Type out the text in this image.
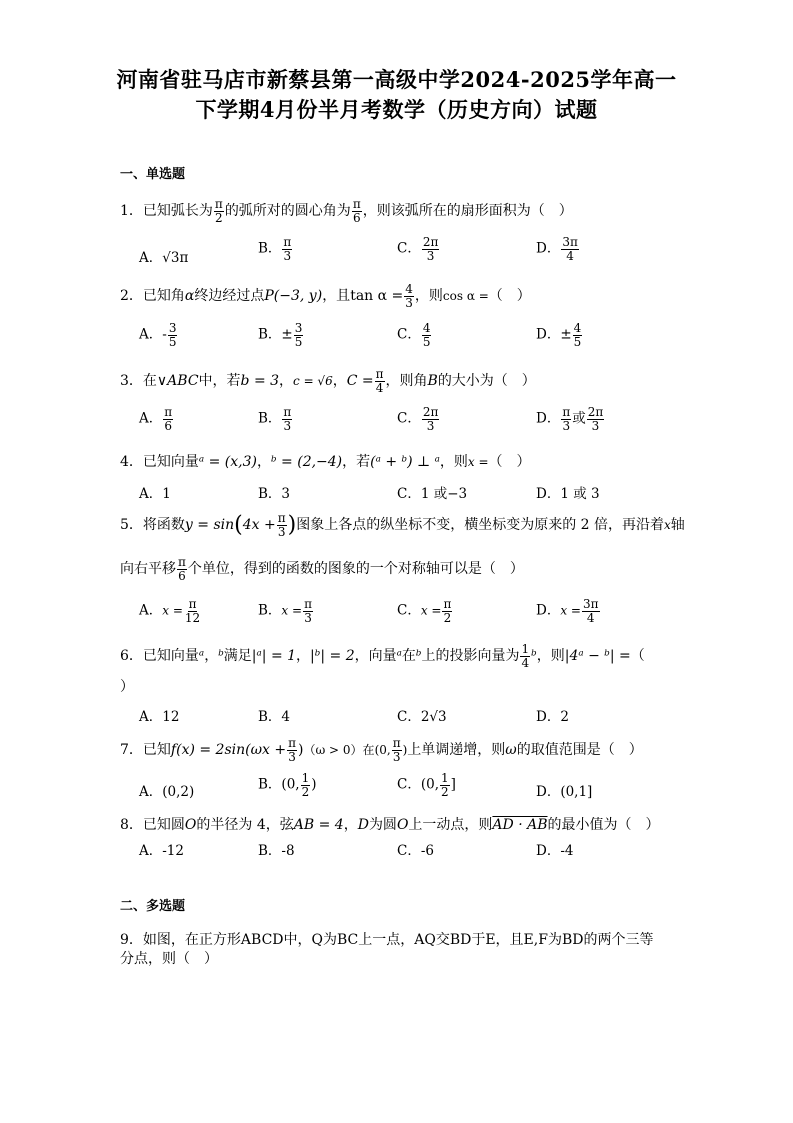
河南省驻马店市新蔡县第一高级中学2024-2025学年高一
下学期4月份半月考数学（历史方向）试题
一、单选题
1．已知弧长为 $\frac{\pi}{2}$ 的弧所对的圆心角为 $\frac{\pi}{6}$ ，则该弧所在的扇形面积为（　）
A．√3π
B． $\frac{\pi}{3}$	C． $\frac{2\pi}{3}$	D． $\frac{3\pi}{4}$
2．已知角α终边经过点P(−3, y)，且$\tan \alpha = \frac{4}{3}$ ，则cos α =（　）
A．- $\frac{3}{5}$	B．± $\frac{3}{5}$	C． $\frac{4}{5}$	D．± $\frac{4}{5}$
3．在∨ABC中，若b = 3，c = √6，$C = \frac{\pi}{4}$ ，则角B的大小为（　）
A． $\frac{\pi}{6}$	B． $\frac{\pi}{3}$	C． $\frac{2\pi}{3}$	D． $\frac{\pi}{3}$ 或 $\frac{2\pi}{3}$
4．已知向量ᵃ = (x,3)，ᵇ = (2,−4)，若(ᵃ + ᵇ) ⊥ ᵃ，则x =（　）
A．1	B．3	C．1 或−3	D．1 或 3
5．将函数$y = \sin(4x + \frac{\pi}{3}$ )图象上各点的纵坐标不变，横坐标变为原来的 2 倍，再沿着x轴
向右平移 $\frac{\pi}{6}$ 个单位，得到的函数的图象的一个对称轴可以是（　）
A．$x = \frac{\pi}{12}$	B．$x = \frac{\pi}{3}$	C．$x = \frac{\pi}{2}$	D．$x = \frac{3\pi}{4}$
6．已知向量ᵃ，ᵇ满足|ᵃ| = 1，|ᵇ| = 2，向量ᵃ在ᵇ上的投影向量为 $\frac{1}{4}$ ᵇ，则|4ᵃ − ᵇ| =（
）
A．12	B．4	C．2√3	D．2
7．已知$f(x) = 2\sin(\omega x + \frac{\pi}{3} )(\omega > 0)$在(0, $\frac{\pi}{3}$ )上单调递增，则ω的取值范围是（　）
A．(0,2)	B．(0, $\frac{1}{2}$ )	C．(0, $\frac{1}{2}$ ]	D．(0,1]
8．已知圆O的半径为 4，弦AB = 4，D为圆O上一动点，则AD · AB的最小值为（　）
A．-12	B．-8	C．-6	D．-4
二、多选题
9．如图，在正方形ABCD中，Q为BC上一点，AQ交BD于E，且E,F为BD的两个三等
分点，则（　）
